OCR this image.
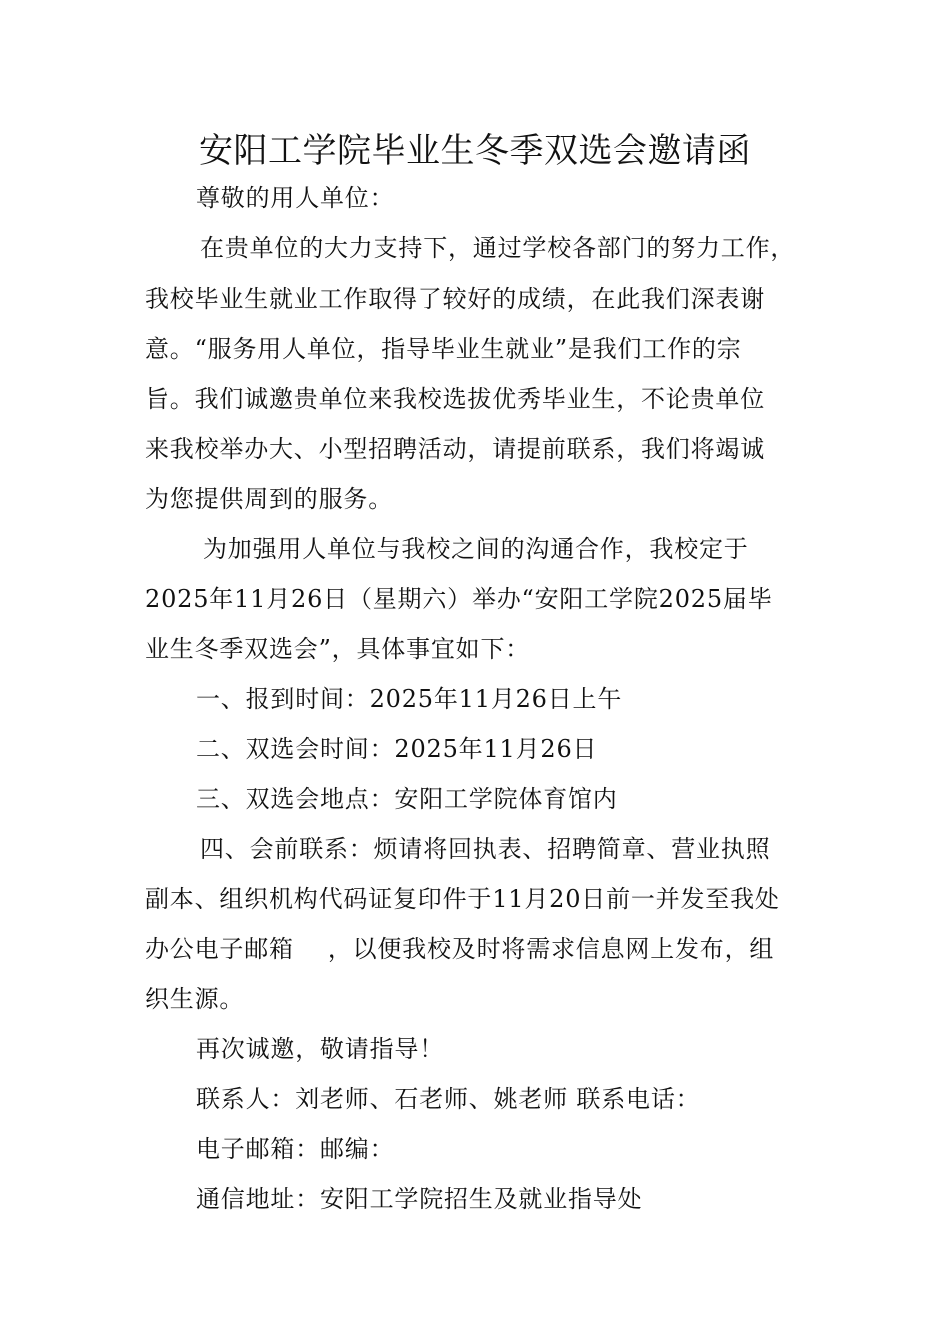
安阳工学院毕业生冬季双选会邀请函
尊敬的用人单位：
在贵单位的大力支持下，通过学校各部门的努力工作，
我校毕业生就业工作取得了较好的成绩，在此我们深表谢
意。“服务用人单位，指导毕业生就业”是我们工作的宗
旨。我们诚邀贵单位来我校选拔优秀毕业生，不论贵单位
来我校举办大、小型招聘活动，请提前联系，我们将竭诚
为您提供周到的服务。
为加强用人单位与我校之间的沟通合作，我校定于
2025年11月26日（星期六）举办“安阳工学院2025届毕
业生冬季双选会”，具体事宜如下：
一、报到时间：2025年11月26日上午
二、双选会时间：2025年11月26日
三、双选会地点：安阳工学院体育馆内
四、会前联系：烦请将回执表、招聘简章、营业执照
副本、组织机构代码证复印件于11月20日前一并发至我处
办公电子邮箱 ，以便我校及时将需求信息网上发布，组
织生源。
再次诚邀，敬请指导！
联系人：刘老师、石老师、姚老师 联系电话：
电子邮箱：邮编：
通信地址：安阳工学院招生及就业指导处
